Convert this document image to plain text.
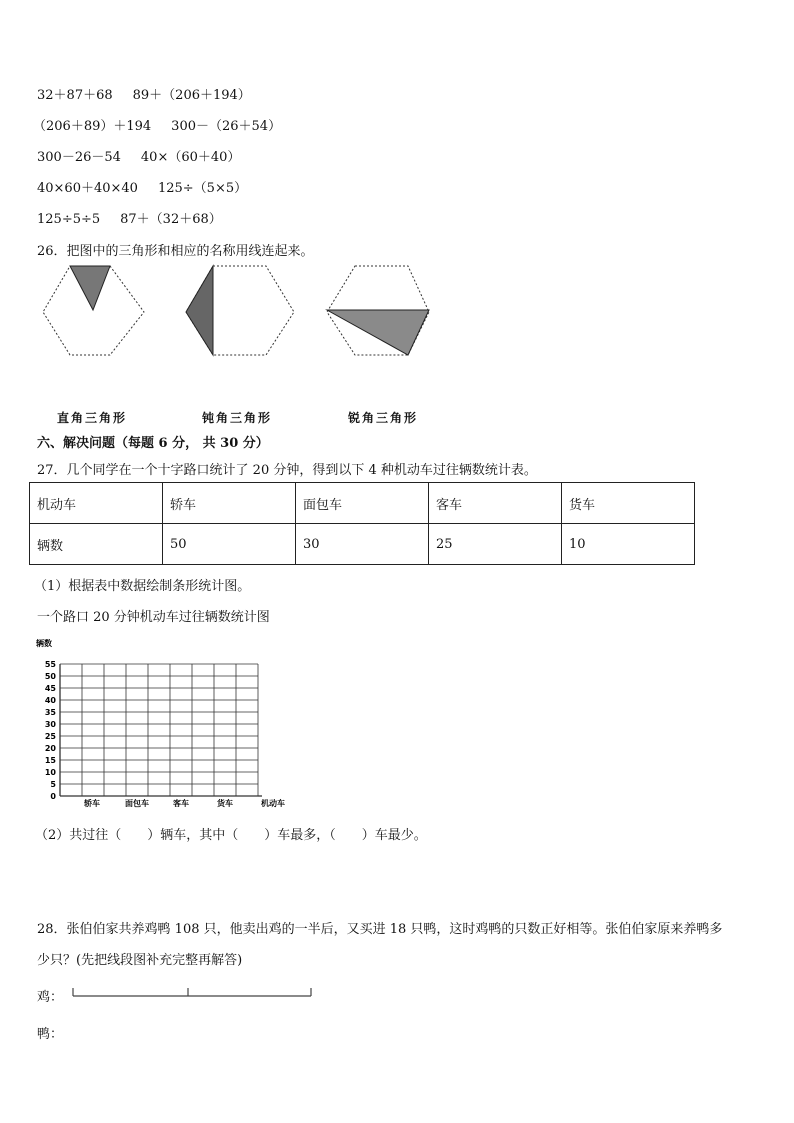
32＋87＋68 89＋（206＋194）
（206＋89）＋194 300－（26＋54）
300－26－54 40×（60＋40）
40×60＋40×40 125÷（5×5）
125÷5÷5 87＋（32＋68）
26．把图中的三角形和相应的名称用线连起来。
直角三角形	钝角三角形	锐角三角形
六、解决问题（每题 6 分， 共 30 分）
27．几个同学在一个十字路口统计了 20 分钟，得到以下 4 种机动车过往辆数统计表。
机动车	轿车	面包车	客车	货车
辆数	50	30	25	10
（1）根据表中数据绘制条形统计图。
一个路口 20 分钟机动车过往辆数统计图
辆数
0
5
10
15
20
25
30
35
40
45
50
55
轿车	面包车	客车	货车	机动车
（2）共过往（　　）辆车，其中（　　）车最多，（　　）车最少。
28．张伯伯家共养鸡鸭 108 只，他卖出鸡的一半后，又买进 18 只鸭，这时鸡鸭的只数正好相等。张伯伯家原来养鸭多
少只？(先把线段图补充完整再解答)
鸡：
鸭：
